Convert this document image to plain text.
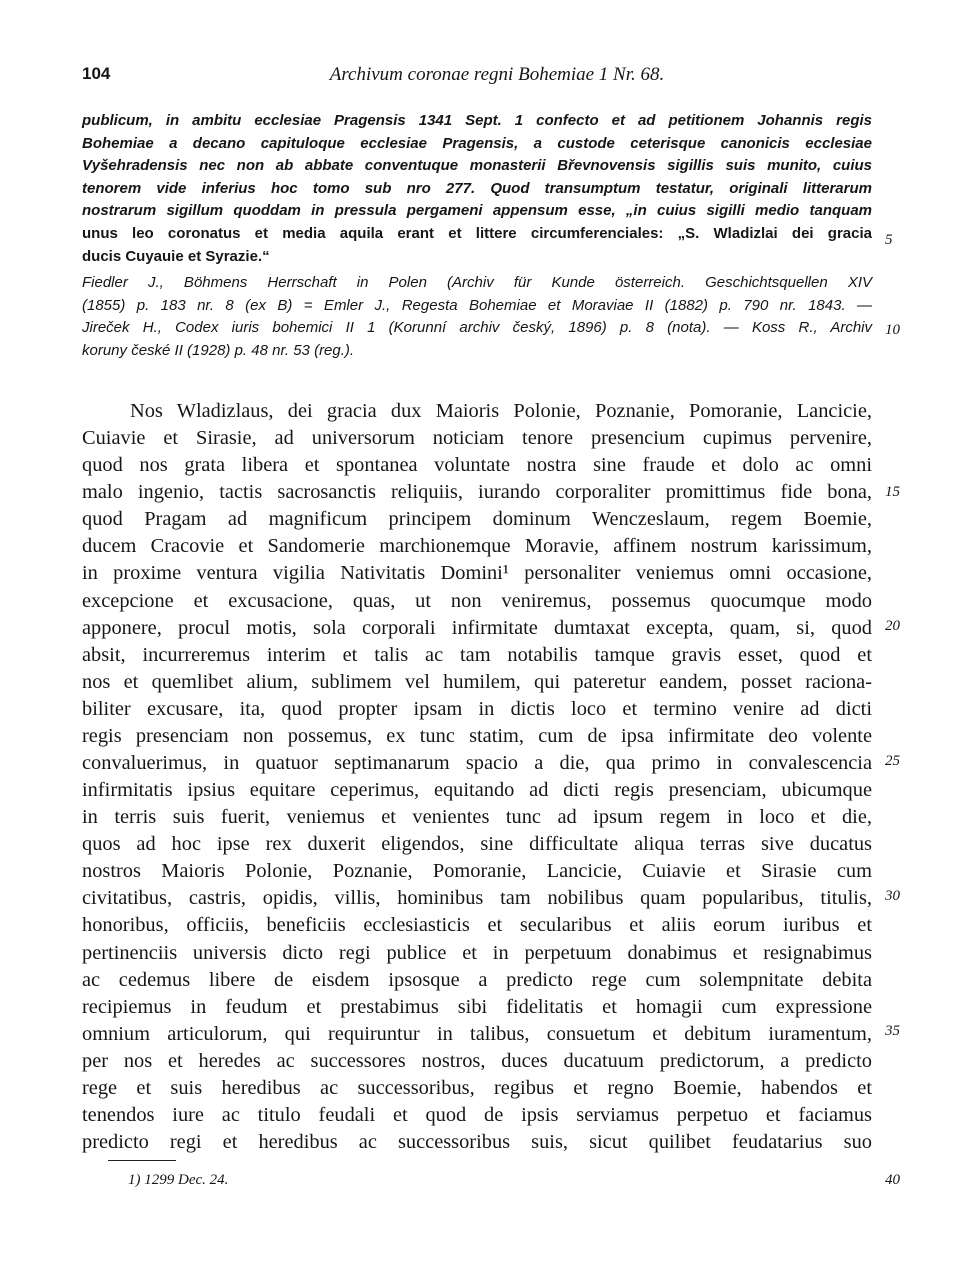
104	Archivum coronae regni Bohemiae 1 Nr. 68.
publicum, in ambitu ecclesiae Pragensis 1341 Sept. 1 confecto et ad petitionem Johannis regis
Bohemiae a decano capituloque ecclesiae Pragensis, a custode ceterisque canonicis ecclesiae
Vyšehradensis nec non ab abbate conventuque monasterii Břevnovensis sigillis suis munito, cuius
tenorem vide inferius hoc tomo sub nro 277. Quod transumptum testatur, originali litterarum
nostrarum sigillum quoddam in pressula pergameni appensum esse, „in cuius sigilli medio tanquam
unus leo coronatus et media aquila erant et littere circumferenciales: „S. Wladizlai dei gracia
ducis Cuyauie et Syrazie.“
Fiedler J., Böhmens Herrschaft in Polen (Archiv für Kunde österreich. Geschichtsquellen XIV
(1855) p. 183 nr. 8 (ex B) = Emler J., Regesta Bohemiae et Moraviae II (1882) p. 790 nr. 1843. —
Jireček H., Codex iuris bohemici II 1 (Korunní archiv český, 1896) p. 8 (nota). — Koss R., Archiv
koruny české II (1928) p. 48 nr. 53 (reg.).
Nos Wladizlaus, dei gracia dux Maioris Polonie, Poznanie, Pomoranie, Lancicie,
Cuiavie et Sirasie, ad universorum noticiam tenore presencium cupimus pervenire,
quod nos grata libera et spontanea voluntate nostra sine fraude et dolo ac omni
malo ingenio, tactis sacrosanctis reliquiis, iurando corporaliter promittimus fide bona,
quod Pragam ad magnificum principem dominum Wenczeslaum, regem Boemie,
ducem Cracovie et Sandomerie marchionemque Moravie, affinem nostrum karissimum,
in proxime ventura vigilia Nativitatis Domini¹ personaliter veniemus omni occasione,
excepcione et excusacione, quas, ut non veniremus, possemus quocumque modo
apponere, procul motis, sola corporali infirmitate dumtaxat excepta, quam, si, quod
absit, incurreremus interim et talis ac tam notabilis tamque gravis esset, quod et
nos et quemlibet alium, sublimem vel humilem, qui pateretur eandem, posset raciona-
biliter excusare, ita, quod propter ipsam in dictis loco et termino venire ad dicti
regis presenciam non possemus, ex tunc statim, cum de ipsa infirmitate deo volente
convaluerimus, in quatuor septimanarum spacio a die, qua primo in convalescencia
infirmitatis ipsius equitare ceperimus, equitando ad dicti regis presenciam, ubicumque
in terris suis fuerit, veniemus et venientes tunc ad ipsum regem in loco et die,
quos ad hoc ipse rex duxerit eligendos, sine difficultate aliqua terras sive ducatus
nostros Maioris Polonie, Poznanie, Pomoranie, Lancicie, Cuiavie et Sirasie cum
civitatibus, castris, opidis, villis, hominibus tam nobilibus quam popularibus, titulis,
honoribus, officiis, beneficiis ecclesiasticis et secularibus et aliis eorum iuribus et
pertinenciis universis dicto regi publice et in perpetuum donabimus et resignabimus
ac cedemus libere de eisdem ipsosque a predicto rege cum solempnitate debita
recipiemus in feudum et prestabimus sibi fidelitatis et homagii cum expressione
omnium articulorum, qui requiruntur in talibus, consuetum et debitum iuramentum,
per nos et heredes ac successores nostros, duces ducatuum predictorum, a predicto
rege et suis heredibus ac successoribus, regibus et regno Boemie, habendos et
tenendos iure ac titulo feudali et quod de ipsis serviamus perpetuo et faciamus
predicto regi et heredibus ac successoribus suis, sicut quilibet feudatarius suo
5
10
15
20
25
30
35
40
1) 1299 Dec. 24.
